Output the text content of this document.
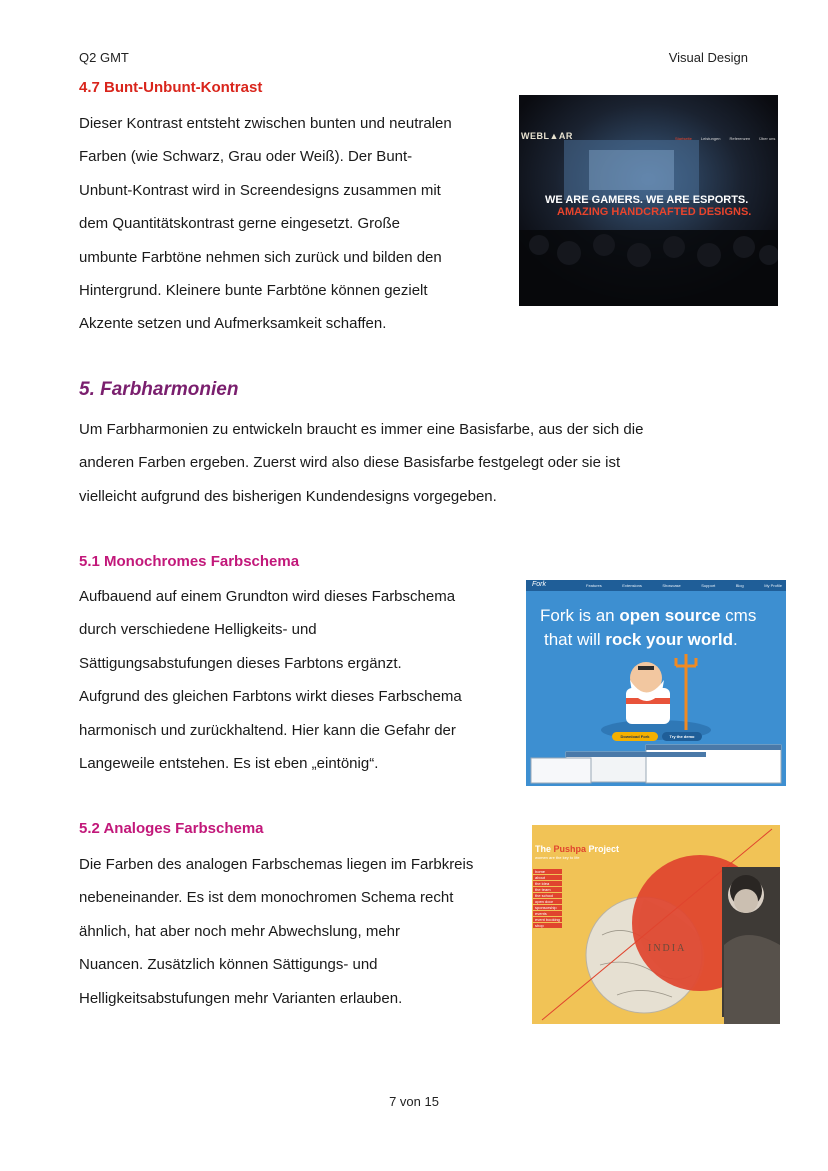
Q2 GMT	Visual Design
4.7 Bunt-Unbunt-Kontrast

Dieser Kontrast entsteht zwischen bunten und neutralen

Farben (wie Schwarz, Grau oder Weiß). Der Bunt-

Unbunt-Kontrast wird in Screendesigns zusammen mit

dem Quantitätskontrast gerne eingesetzt. Große

umbunte Farbtöne nehmen sich zurück und bilden den

Hintergrund. Kleinere bunte Farbtöne können gezielt

Akzente setzen und Aufmerksamkeit schaffen.

WEBL▲AR	Startseite Leistungen Referenzen Über uns
WE ARE GAMERS. WE ARE ESPORTS.
AMAZING HANDCRAFTED DESIGNS.
5. Farbharmonien

Um Farbharmonien zu entwickeln braucht es immer eine Basisfarbe, aus der sich die

anderen Farben ergeben. Zuerst wird also diese Basisfarbe festgelegt oder sie ist

vielleicht aufgrund des bisherigen Kundendesigns vorgegeben.

5.1 Monochromes Farbschema

Aufbauend auf einem Grundton wird dieses Farbschema

durch verschiedene Helligkeits- und

Sättigungsabstufungen dieses Farbtons ergänzt.

Aufgrund des gleichen Farbtons wirkt dieses Farbschema

harmonisch und zurückhaltend. Hier kann die Gefahr der

Langeweile entstehen. Es ist eben „eintönig“.

Fork	Features	Extensions	Showcase	Support	Blog	My Profile
Fork is an open source cms
that will rock your world.
Download Fork	Try the demo
5.2 Analoges Farbschema

Die Farben des analogen Farbschemas liegen im Farbkreis

nebeneinander. Es ist dem monochromen Schema recht

ähnlich, hat aber noch mehr Abwechslung, mehr

Nuancen. Zusätzlich können Sättigungs- und

Helligkeitsabstufungen mehr Varianten erlauben.

The Pushpa Project
women are the key to life
home
about
the idea
the team
the school
open door
sponsorship
events
event booking
shop
INDIA
7 von 15
